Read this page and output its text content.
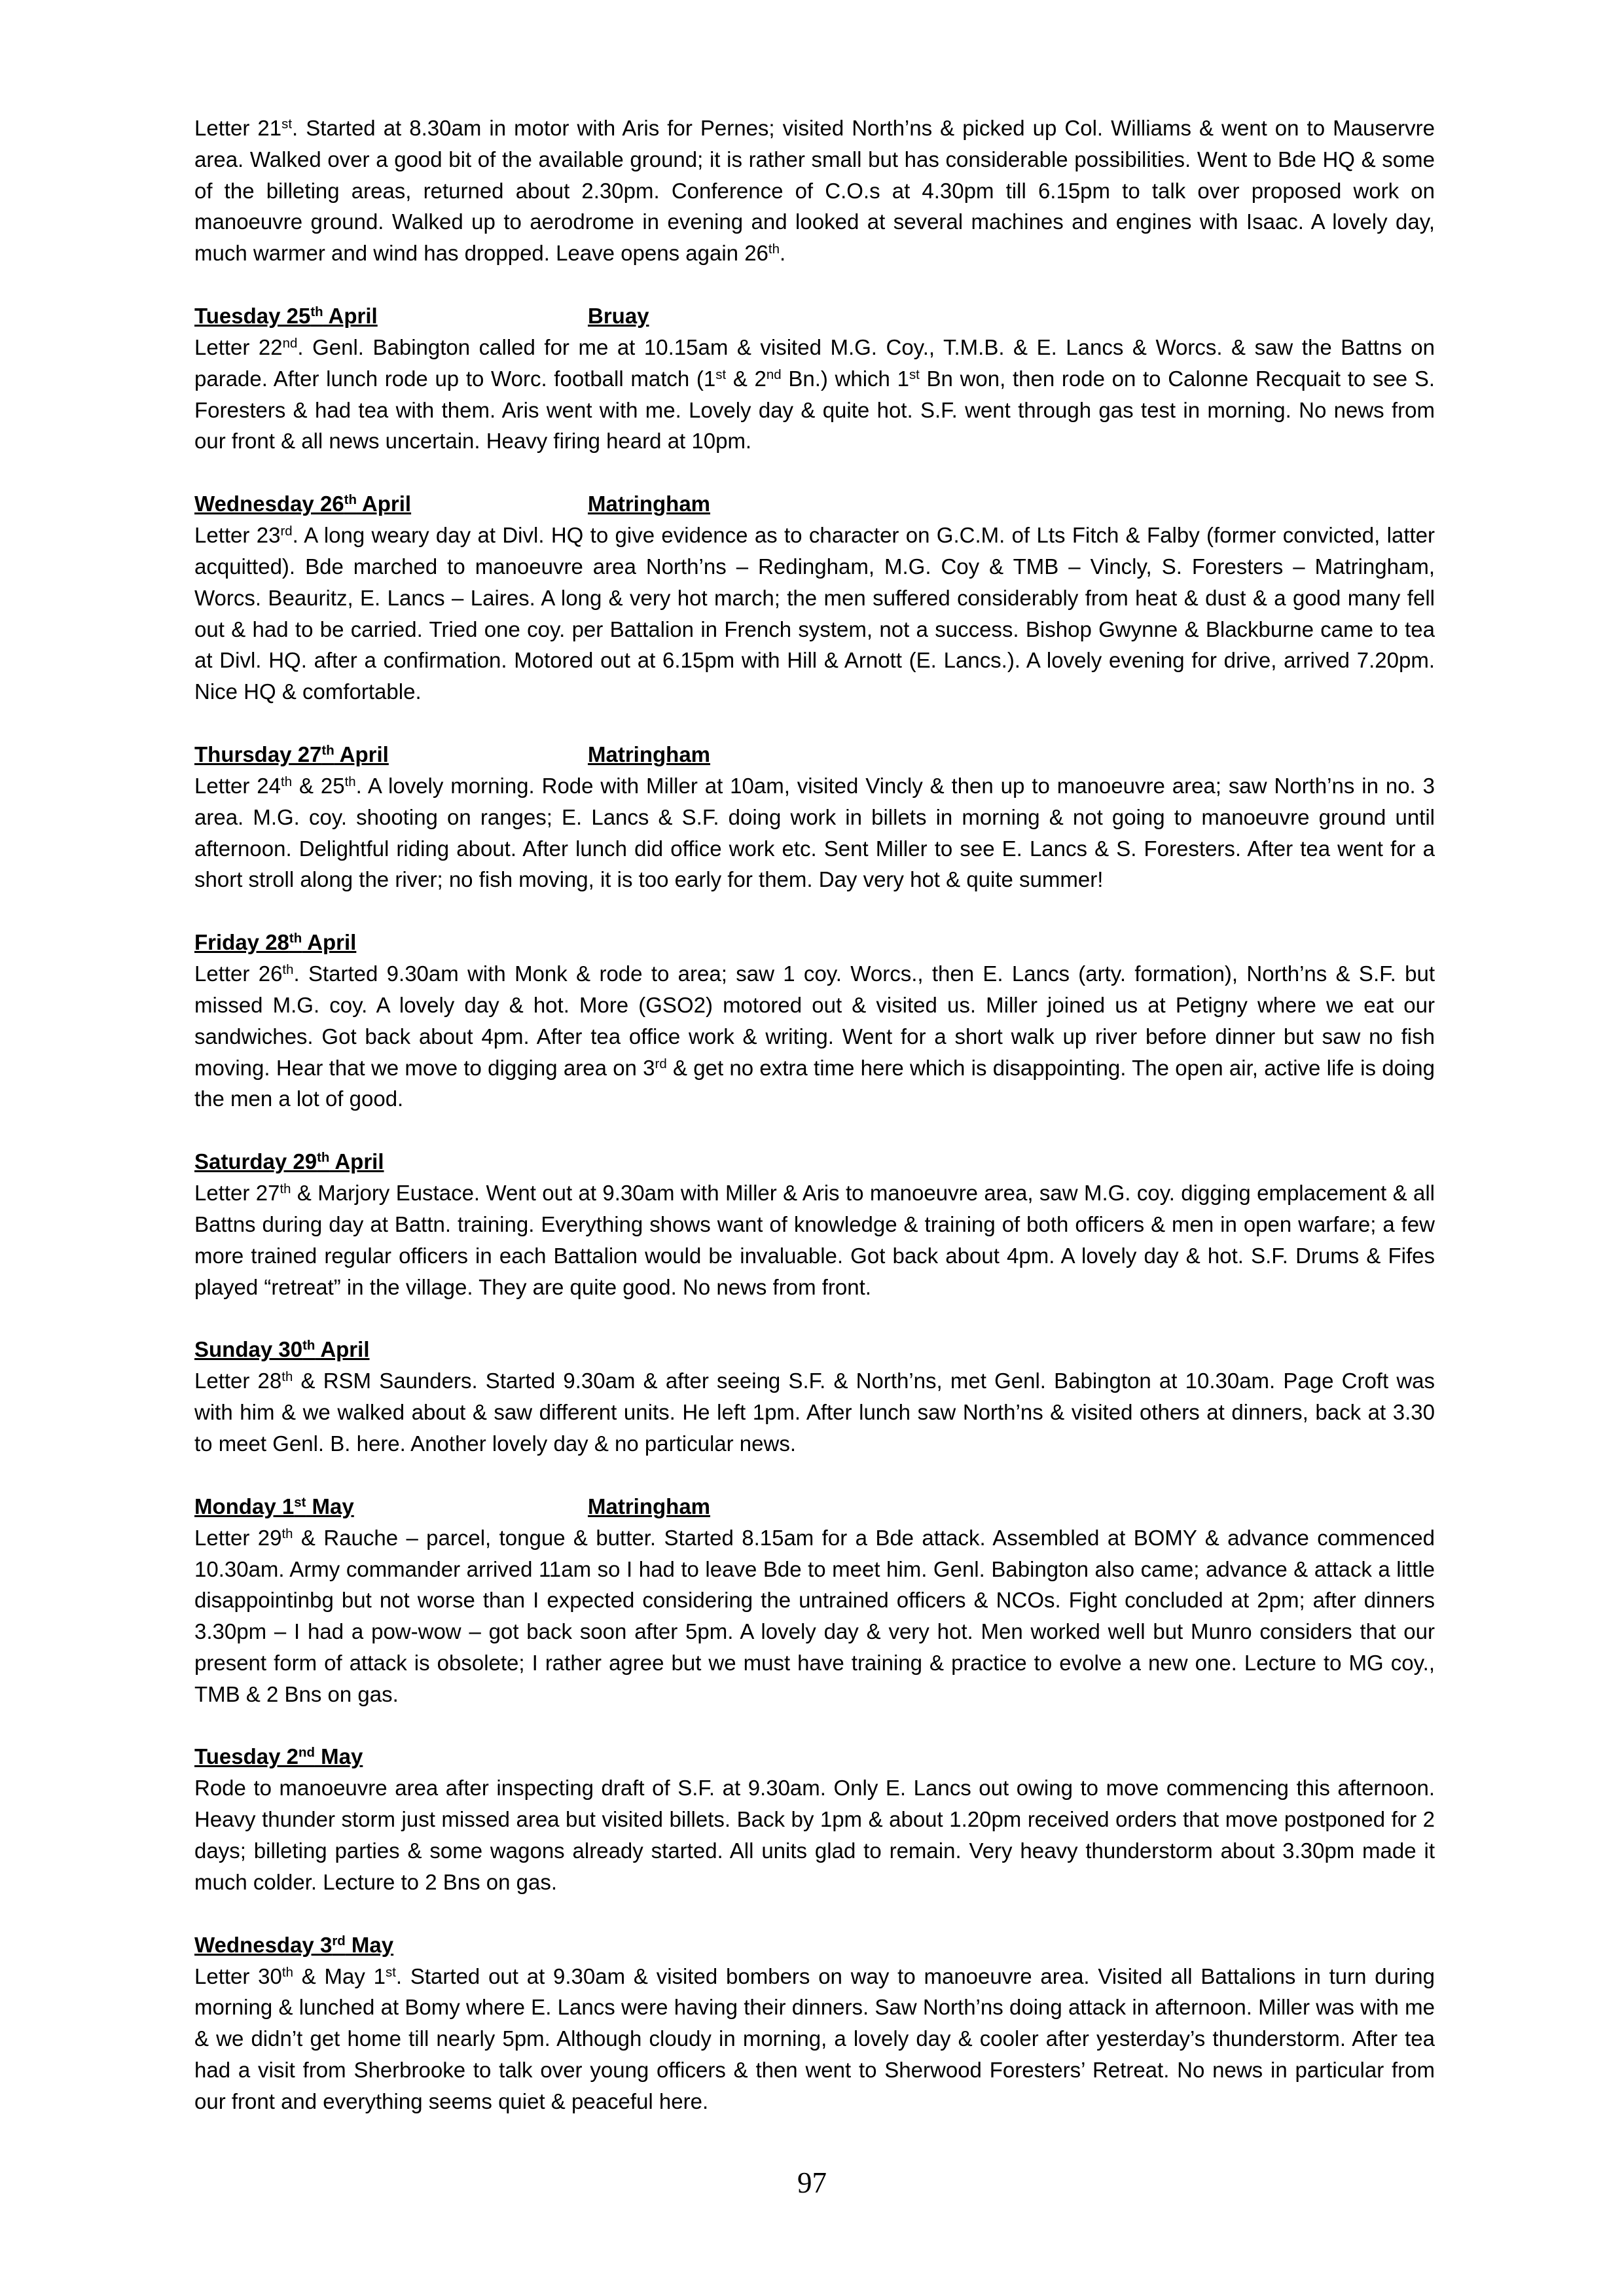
Letter 21st. Started at 8.30am in motor with Aris for Pernes; visited North’ns & picked up Col. Williams & went on to Mauservre area. Walked over a good bit of the available ground; it is rather small but has considerable possibilities. Went to Bde HQ & some of the billeting areas, returned about 2.30pm. Conference of C.O.s at 4.30pm till 6.15pm to talk over proposed work on manoeuvre ground. Walked up to aerodrome in evening and looked at several machines and engines with Isaac. A lovely day, much warmer and wind has dropped. Leave opens again 26th.

Tuesday 25th April	Bruay

Letter 22nd. Genl. Babington called for me at 10.15am & visited M.G. Coy., T.M.B. & E. Lancs & Worcs. & saw the Battns on parade. After lunch rode up to Worc. football match (1st & 2nd Bn.) which 1st Bn won, then rode on to Calonne Recquait to see S. Foresters & had tea with them. Aris went with me. Lovely day & quite hot. S.F. went through gas test in morning. No news from our front & all news uncertain. Heavy firing heard at 10pm.

Wednesday 26th April	Matringham

Letter 23rd. A long weary day at Divl. HQ to give evidence as to character on G.C.M. of Lts Fitch & Falby (former convicted, latter acquitted). Bde marched to manoeuvre area North’ns – Redingham, M.G. Coy & TMB – Vincly, S. Foresters – Matringham, Worcs. Beauritz, E. Lancs – Laires. A long & very hot march; the men suffered considerably from heat & dust & a good many fell out & had to be carried. Tried one coy. per Battalion in French system, not a success. Bishop Gwynne & Blackburne came to tea at Divl. HQ. after a confirmation. Motored out at 6.15pm with Hill & Arnott (E. Lancs.). A lovely evening for drive, arrived 7.20pm. Nice HQ & comfortable.

Thursday 27th April	Matringham

Letter 24th & 25th. A lovely morning. Rode with Miller at 10am, visited Vincly & then up to manoeuvre area; saw North’ns in no. 3 area. M.G. coy. shooting on ranges; E. Lancs & S.F. doing work in billets in morning & not going to manoeuvre ground until afternoon. Delightful riding about. After lunch did office work etc. Sent Miller to see E. Lancs & S. Foresters. After tea went for a short stroll along the river; no fish moving, it is too early for them. Day very hot & quite summer!

Friday 28th April

Letter 26th. Started 9.30am with Monk & rode to area; saw 1 coy. Worcs., then E. Lancs (arty. formation), North’ns & S.F. but missed M.G. coy. A lovely day & hot. More (GSO2) motored out & visited us. Miller joined us at Petigny where we eat our sandwiches. Got back about 4pm. After tea office work & writing. Went for a short walk up river before dinner but saw no fish moving. Hear that we move to digging area on 3rd & get no extra time here which is disappointing. The open air, active life is doing the men a lot of good.

Saturday 29th April

Letter 27th & Marjory Eustace. Went out at 9.30am with Miller & Aris to manoeuvre area, saw M.G. coy. digging emplacement & all Battns during day at Battn. training. Everything shows want of knowledge & training of both officers & men in open warfare; a few more trained regular officers in each Battalion would be invaluable. Got back about 4pm. A lovely day & hot. S.F. Drums & Fifes played “retreat” in the village. They are quite good. No news from front.

Sunday 30th April

Letter 28th & RSM Saunders. Started 9.30am & after seeing S.F. & North’ns, met Genl. Babington at 10.30am. Page Croft was with him & we walked about & saw different units. He left 1pm. After lunch saw North’ns & visited others at dinners, back at 3.30 to meet Genl. B. here. Another lovely day & no particular news.

Monday 1st May	Matringham

Letter 29th & Rauche – parcel, tongue & butter. Started 8.15am for a Bde attack. Assembled at BOMY & advance commenced 10.30am. Army commander arrived 11am so I had to leave Bde to meet him. Genl. Babington also came; advance & attack a little disappointinbg but not worse than I expected considering the untrained officers & NCOs. Fight concluded at 2pm; after dinners 3.30pm – I had a pow-wow – got back soon after 5pm. A lovely day & very hot. Men worked well but Munro considers that our present form of attack is obsolete; I rather agree but we must have training & practice to evolve a new one. Lecture to MG coy., TMB & 2 Bns on gas.

Tuesday 2nd May

Rode to manoeuvre area after inspecting draft of S.F. at 9.30am. Only E. Lancs out owing to move commencing this afternoon. Heavy thunder storm just missed area but visited billets. Back by 1pm & about 1.20pm received orders that move postponed for 2 days; billeting parties & some wagons already started. All units glad to remain. Very heavy thunderstorm about 3.30pm made it much colder. Lecture to 2 Bns on gas.

Wednesday 3rd May

Letter 30th & May 1st. Started out at 9.30am & visited bombers on way to manoeuvre area. Visited all Battalions in turn during morning & lunched at Bomy where E. Lancs were having their dinners. Saw North’ns doing attack in afternoon. Miller was with me & we didn’t get home till nearly 5pm. Although cloudy in morning, a lovely day & cooler after yesterday’s thunderstorm. After tea had a visit from Sherbrooke to talk over young officers & then went to Sherwood Foresters’ Retreat. No news in particular from our front and everything seems quiet & peaceful here.

97
